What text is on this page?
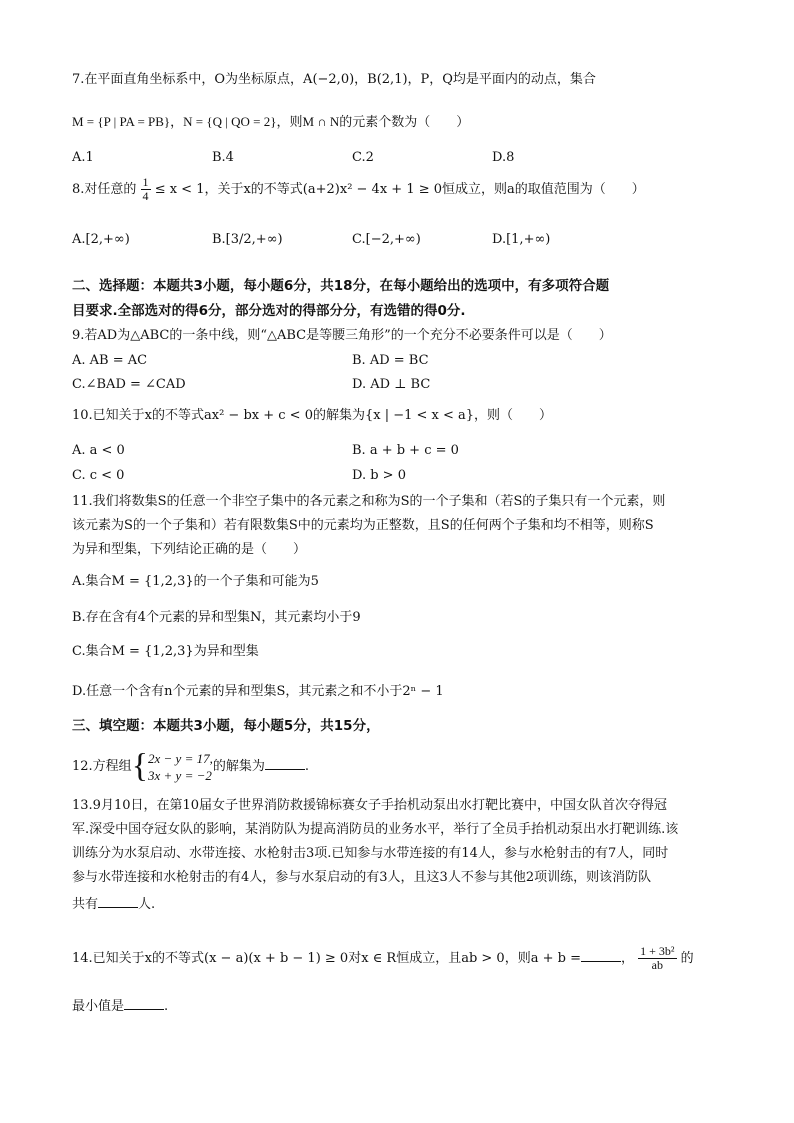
7.在平面直角坐标系中，O为坐标原点，A(−2,0)，B(2,1)，P，Q均是平面内的动点，集合
M = {P | PA = PB}，N = {Q | QO = 2}，则M ∩ N的元素个数为（　　）
A.1	B.4	C.2	D.8
8.对任意的 $\frac{1}{4} \le x < 1$，关于x的不等式(a+2)x² − 4x + 1 ≥ 0恒成立，则a的取值范围为（　　）
A.[2,+∞)	B.[3/2,+∞)	C.[−2,+∞)	D.[1,+∞)
二、选择题：本题共3小题，每小题6分，共18分，在每小题给出的选项中，有多项符合题
目要求.全部选对的得6分，部分选对的得部分分，有选错的得0分.
9.若AD为△ABC的一条中线，则“△ABC是等腰三角形”的一个充分不必要条件可以是（　　）
A. AB = AC	B. AD = BC
C.∠BAD = ∠CAD	D. AD ⊥ BC
10.已知关于x的不等式ax² − bx + c < 0的解集为{x | −1 < x < a}，则（　　）
A. a < 0	B. a + b + c = 0
C. c < 0	D. b > 0
11.我们将数集S的任意一个非空子集中的各元素之和称为S的一个子集和（若S的子集只有一个元素，则
该元素为S的一个子集和）若有限数集S中的元素均为正整数，且S的任何两个子集和均不相等，则称S
为异和型集，下列结论正确的是（　　）
A.集合M = {1,2,3}的一个子集和可能为5
B.存在含有4个元素的异和型集N，其元素均小于9
C.集合M = {1,2,3}为异和型集
D.任意一个含有n个元素的异和型集S，其元素之和不小于2ⁿ − 1
三、填空题：本题共3小题，每小题5分，共15分，
12.方程组{ 2x − y = 17,
3x + y = −2
的解集为	.
13.9月10日，在第10届女子世界消防救援锦标赛女子手抬机动泵出水打靶比赛中，中国女队首次夺得冠
军.深受中国夺冠女队的影响，某消防队为提高消防员的业务水平，举行了全员手抬机动泵出水打靶训练.该
训练分为水泵启动、水带连接、水枪射击3项.已知参与水带连接的有14人，参与水枪射击的有7人，同时
参与水带连接和水枪射击的有4人，参与水泵启动的有3人，且这3人不参与其他2项训练，则该消防队
共有	人.
14.已知关于x的不等式(x − a)(x + b − 1) ≥ 0对x ∈ R恒成立，且ab > 0，则a + b =	， $\frac{\text{1 + 3b²}}{ab}$ 的
最小值是	.
